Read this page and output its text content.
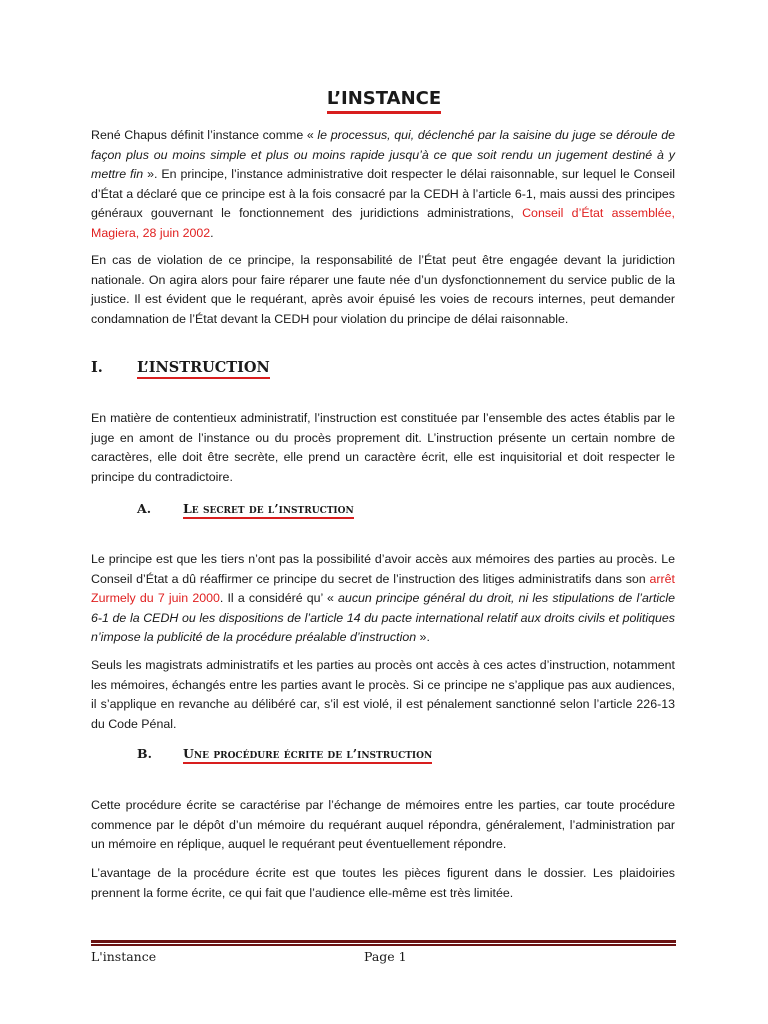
L’INSTANCE

René Chapus définit l’instance comme « le processus, qui, déclenché par la saisine du juge se déroule de façon plus ou moins simple et plus ou moins rapide jusqu’à ce que soit rendu un jugement destiné à y mettre fin ». En principe, l’instance administrative doit respecter le délai raisonnable, sur lequel le Conseil d’État a déclaré que ce principe est à la fois consacré par la CEDH à l’article 6-1, mais aussi des principes généraux gouvernant le fonctionnement des juridictions administrations, Conseil d’État assemblée, Magiera, 28 juin 2002.

En cas de violation de ce principe, la responsabilité de l’État peut être engagée devant la juridiction nationale. On agira alors pour faire réparer une faute née d’un dysfonctionnement du service public de la justice. Il est évident que le requérant, après avoir épuisé les voies de recours internes, peut demander condamnation de l’État devant la CEDH pour violation du principe de délai raisonnable.

I. L’INSTRUCTION

En matière de contentieux administratif, l’instruction est constituée par l’ensemble des actes établis par le juge en amont de l’instance ou du procès proprement dit. L’instruction présente un certain nombre de caractères, elle doit être secrète, elle prend un caractère écrit, elle est inquisitorial et doit respecter le principe du contradictoire.

A.	Le secret de l’instruction

Le principe est que les tiers n’ont pas la possibilité d’avoir accès aux mémoires des parties au procès. Le Conseil d’État a dû réaffirmer ce principe du secret de l’instruction des litiges administratifs dans son arrêt Zurmely du 7 juin 2000. Il a considéré qu’ « aucun principe général du droit, ni les stipulations de l’article 6-1 de la CEDH ou les dispositions de l’article 14 du pacte international relatif aux droits civils et politiques n’impose la publicité de la procédure préalable d’instruction ».

Seuls les magistrats administratifs et les parties au procès ont accès à ces actes d’instruction, notamment les mémoires, échangés entre les parties avant le procès. Si ce principe ne s’applique pas aux audiences, il s’applique en revanche au délibéré car, s’il est violé, il est pénalement sanctionné selon l’article 226-13 du Code Pénal.

B. Une procédure écrite de l’instruction

Cette procédure écrite se caractérise par l’échange de mémoires entre les parties, car toute procédure commence par le dépôt d’un mémoire du requérant auquel répondra, généralement, l’administration par un mémoire en réplique, auquel le requérant peut éventuellement répondre.

L’avantage de la procédure écrite est que toutes les pièces figurent dans le dossier. Les plaidoiries prennent la forme écrite, ce qui fait que l’audience elle-même est très limitée.

L'instance	Page 1
